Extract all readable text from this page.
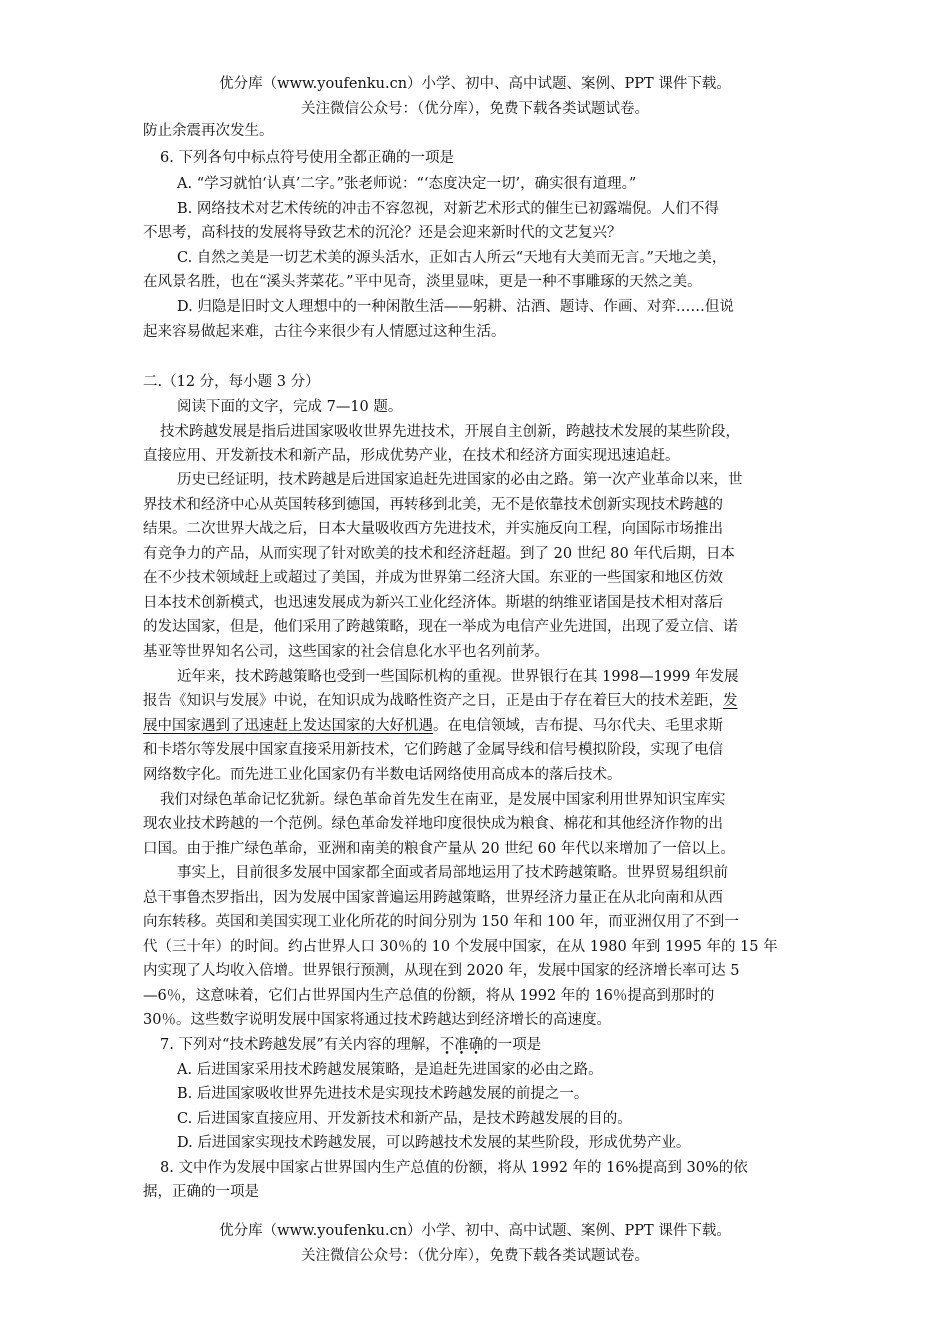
优分库（www.youfenku.cn）小学、初中、高中试题、案例、PPT 课件下载。
关注微信公众号：（优分库），免费下载各类试题试卷。
防止余震再次发生。
6. 下列各句中标点符号使用全都正确的一项是
A. “学习就怕‘认真’二字。”张老师说：“‘态度决定一切’，确实很有道理。”
B. 网络技术对艺术传统的冲击不容忽视，对新艺术形式的催生已初露端倪。人们不得
不思考，高科技的发展将导致艺术的沉沦？还是会迎来新时代的文艺复兴？
C. 自然之美是一切艺术美的源头活水，正如古人所云“天地有大美而无言。”天地之美，
在风景名胜，也在“溪头荠菜花。”平中见奇，淡里显味，更是一种不事雕琢的天然之美。
D. 归隐是旧时文人理想中的一种闲散生活——躬耕、沽酒、题诗、作画、对弈……但说
起来容易做起来难，古往今来很少有人情愿过这种生活。
二.（12 分，每小题 3 分）
阅读下面的文字，完成 7—10 题。
技术跨越发展是指后进国家吸收世界先进技术，开展自主创新，跨越技术发展的某些阶段，
直接应用、开发新技术和新产品，形成优势产业，在技术和经济方面实现迅速追赶。
历史已经证明，技术跨越是后进国家追赶先进国家的必由之路。第一次产业革命以来，世
界技术和经济中心从英国转移到德国，再转移到北美，无不是依靠技术创新实现技术跨越的
结果。二次世界大战之后，日本大量吸收西方先进技术，并实施反向工程，向国际市场推出
有竞争力的产品，从而实现了针对欧美的技术和经济赶超。到了 20 世纪 80 年代后期，日本
在不少技术领域赶上或超过了美国，并成为世界第二经济大国。东亚的一些国家和地区仿效
日本技术创新模式，也迅速发展成为新兴工业化经济体。斯堪的纳维亚诸国是技术相对落后
的发达国家，但是，他们采用了跨越策略，现在一举成为电信产业先进国，出现了爱立信、诺
基亚等世界知名公司，这些国家的社会信息化水平也名列前茅。
近年来，技术跨越策略也受到一些国际机构的重视。世界银行在其 1998—1999 年发展
报告《知识与发展》中说，在知识成为战略性资产之日，正是由于存在着巨大的技术差距，发
展中国家遇到了迅速赶上发达国家的大好机遇。在电信领域，吉布提、马尔代夫、毛里求斯
和卡塔尔等发展中国家直接采用新技术，它们跨越了金属导线和信号模拟阶段，实现了电信
网络数字化。而先进工业化国家仍有半数电话网络使用高成本的落后技术。
我们对绿色革命记忆犹新。绿色革命首先发生在南亚，是发展中国家利用世界知识宝库实
现农业技术跨越的一个范例。绿色革命发祥地印度很快成为粮食、棉花和其他经济作物的出
口国。由于推广绿色革命，亚洲和南美的粮食产量从 20 世纪 60 年代以来增加了一倍以上。
事实上，目前很多发展中国家都全面或者局部地运用了技术跨越策略。世界贸易组织前
总干事鲁杰罗指出，因为发展中国家普遍运用跨越策略，世界经济力量正在从北向南和从西
向东转移。英国和美国实现工业化所花的时间分别为 150 年和 100 年，而亚洲仅用了不到一
代（三十年）的时间。约占世界人口 30％的 10 个发展中国家，在从 1980 年到 1995 年的 15 年
内实现了人均收入倍增。世界银行预测，从现在到 2020 年，发展中国家的经济增长率可达 5
—6％，这意味着，它们占世界国内生产总值的份额，将从 1992 年的 16％提高到那时的
30％。这些数字说明发展中国家将通过技术跨越达到经济增长的高速度。
7. 下列对“技术跨越发展”有关内容的理解，不准确的一项是
A. 后进国家采用技术跨越发展策略，是追赶先进国家的必由之路。
B. 后进国家吸收世界先进技术是实现技术跨越发展的前提之一。
C. 后进国家直接应用、开发新技术和新产品，是技术跨越发展的目的。
D. 后进国家实现技术跨越发展，可以跨越技术发展的某些阶段，形成优势产业。
8. 文中作为发展中国家占世界国内生产总值的份额，将从 1992 年的 16%提高到 30%的依
据，正确的一项是
优分库（www.youfenku.cn）小学、初中、高中试题、案例、PPT 课件下载。
关注微信公众号：（优分库），免费下载各类试题试卷。
